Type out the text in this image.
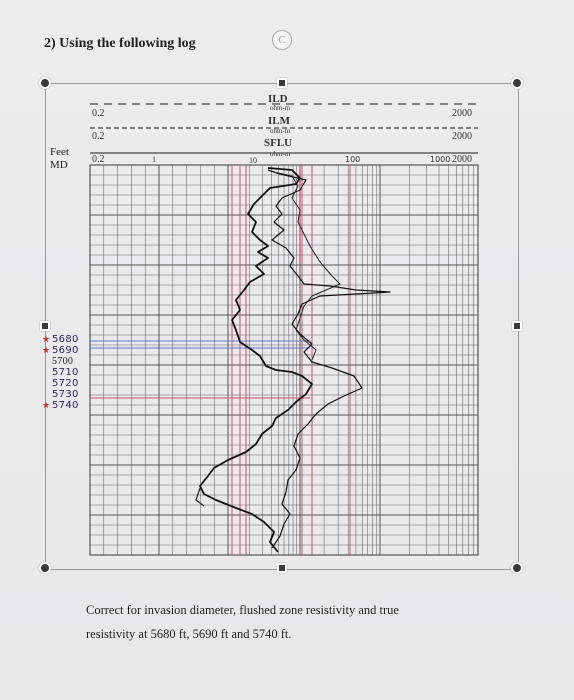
2) Using the following log	C
Feet
MD
0.2
0.2
0.2
2000
2000
2000
ILD
ohm-m
ILM
ohm-m
SFLU
ohm-m
1	10	100	1000
5680
★
5690
★
5700
5710
5720
5730
5740
★
Correct for invasion diameter, flushed zone resistivity and true
resistivity at 5680 ft, 5690 ft and 5740 ft.
